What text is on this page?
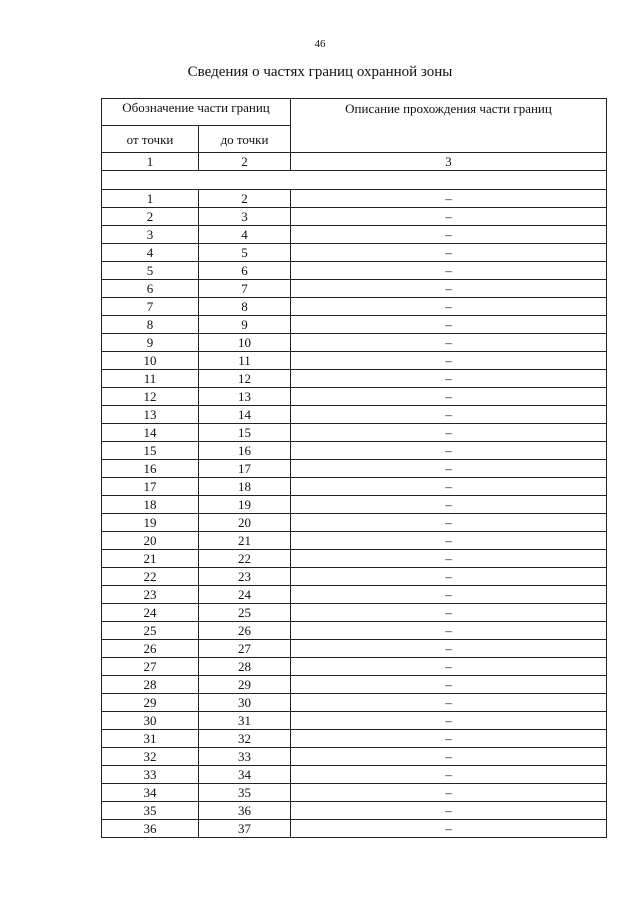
46
Сведения о частях границ охранной зоны
Обозначение части границ		Описание прохождения части границ
от точки	до точки	
1	2	3

1	2	–
2	3	–
3	4	–
4	5	–
5	6	–
6	7	–
7	8	–
8	9	–
9	10	–
10	11	–
11	12	–
12	13	–
13	14	–
14	15	–
15	16	–
16	17	–
17	18	–
18	19	–
19	20	–
20	21	–
21	22	–
22	23	–
23	24	–
24	25	–
25	26	–
26	27	–
27	28	–
28	29	–
29	30	–
30	31	–
31	32	–
32	33	–
33	34	–
34	35	–
35	36	–
36	37	–
